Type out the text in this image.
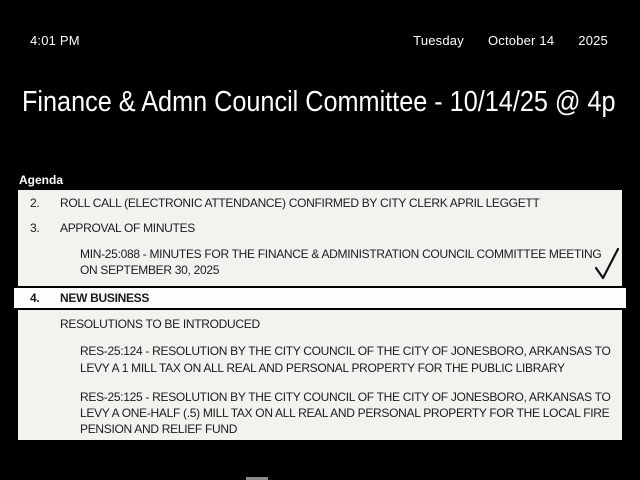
4:01 PM	Tuesday October 14 2025
Finance & Admn Council Committee - 10/14/25 @ 4p
Agenda
2.	ROLL CALL (ELECTRONIC ATTENDANCE) CONFIRMED BY CITY CLERK APRIL LEGGETT
3.	APPROVAL OF MINUTES
MIN-25:088 - MINUTES FOR THE FINANCE & ADMINISTRATION COUNCIL COMMITTEE MEETING ON SEPTEMBER 30, 2025
4. NEW BUSINESS
RESOLUTIONS TO BE INTRODUCED
RES-25:124 - RESOLUTION BY THE CITY COUNCIL OF THE CITY OF JONESBORO, ARKANSAS TO LEVY A 1 MILL TAX ON ALL REAL AND PERSONAL PROPERTY FOR THE PUBLIC LIBRARY
RES-25:125 - RESOLUTION BY THE CITY COUNCIL OF THE CITY OF JONESBORO, ARKANSAS TO LEVY A ONE-HALF (.5) MILL TAX ON ALL REAL AND PERSONAL PROPERTY FOR THE LOCAL FIRE PENSION AND RELIEF FUND
